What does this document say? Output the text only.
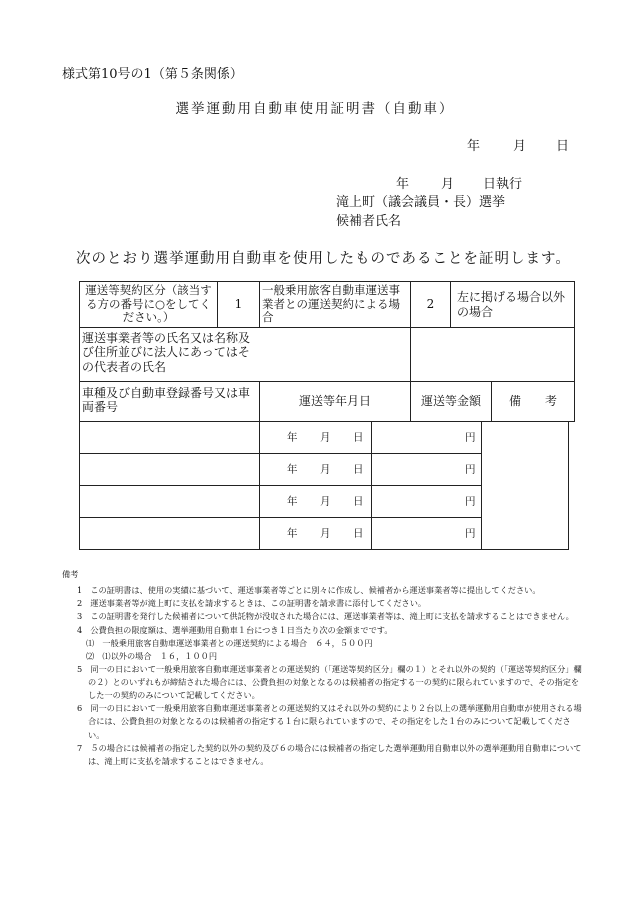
様式第10号の1（第５条関係）
選挙運動用自動車使用証明書（自動車）
年	月 日
年 月 日執行
滝上町（議会議員・長）選挙
候補者氏名
次のとおり選挙運動用自動車を使用したものであることを証明します。
運送等契約区分（該当する方の番号に○をしてください。）	1	一般乗用旅客自動車運送事業者との運送契約による場合	2	左に掲げる場合以外の場合	

運送事業者等の氏名又は名称及び住所並びに法人にあってはその代表者の氏名					

車種及び自動車登録番号又は車両番号		運送等年月日	運送等金額		備　　考

	年 月 日	円	

	年 月 日	円	

	年 月 日	円	

	年 月 日	円	

備考

1　この証明書は、使用の実績に基づいて、運送事業者等ごとに別々に作成し、候補者から運送事業者等に提出してください。

2　運送事業者等が滝上町に支払を請求するときは、この証明書を請求書に添付してください。

3　この証明書を発行した候補者について供託物が没収された場合には、運送事業者等は、滝上町に支払を請求することはできません。

4　公費負担の限度額は、選挙運動用自動車１台につき１日当たり次の金額までです。

⑴　一般乗用旅客自動車運送事業者との運送契約による場合　６４，５００円

⑵　⑴以外の場合　１６，１００円

5　同一の日において一般乗用旅客自動車運送事業者との運送契約（「運送等契約区分」欄の１）とそれ以外の契約（「運送等契約区分」欄の２）とのいずれもが締結された場合には、公費負担の対象となるのは候補者の指定する一の契約に限られていますので、その指定をした一の契約のみについて記載してください。

6　同一の日において一般乗用旅客自動車運送事業者との運送契約又はそれ以外の契約により２台以上の選挙運動用自動車が使用される場合には、公費負担の対象となるのは候補者の指定する１台に限られていますので、その指定をした１台のみについて記載してください。

7　５の場合には候補者の指定した契約以外の契約及び６の場合には候補者の指定した選挙運動用自動車以外の選挙運動用自動車については、滝上町に支払を請求することはできません。
